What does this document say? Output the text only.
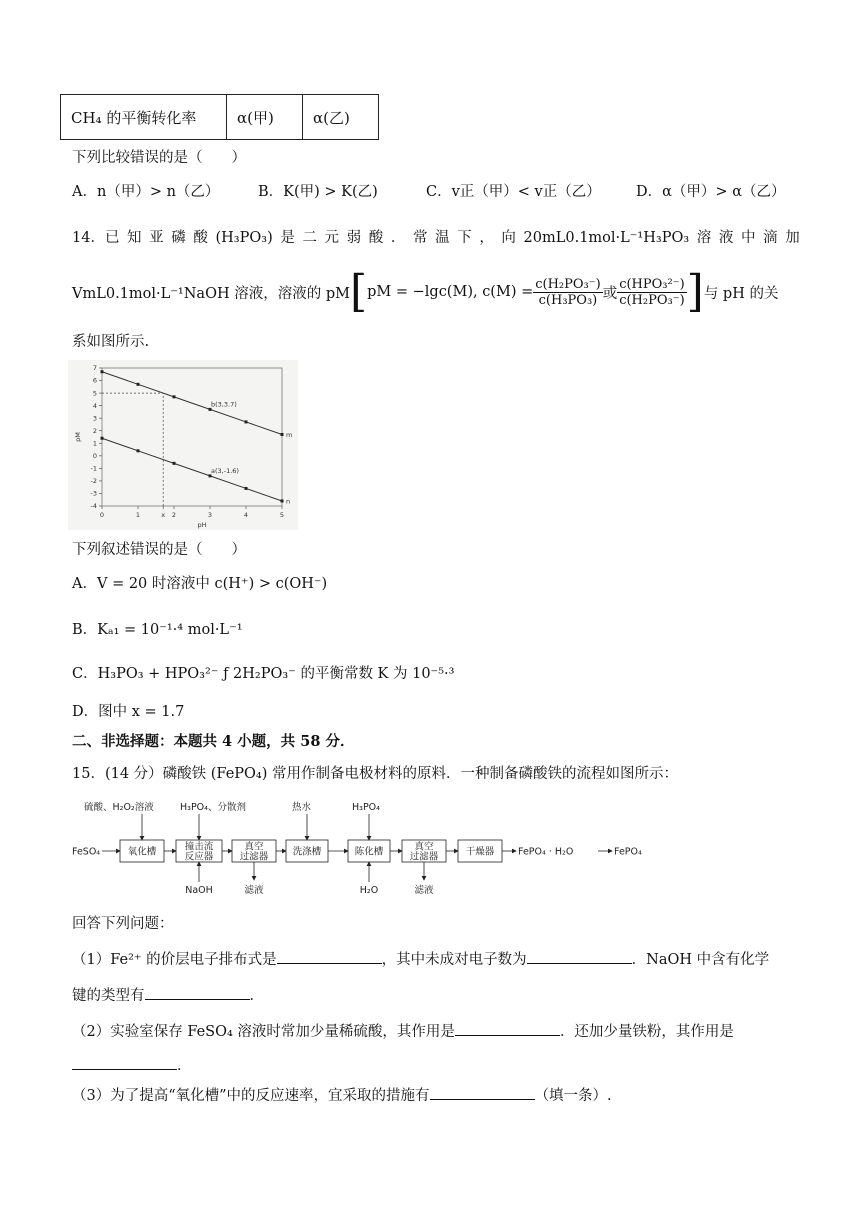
CH₄ 的平衡转化率	α(甲)	α(乙)
下列比较错误的是（　　）
A．n（甲）> n（乙）	B．K(甲) > K(乙)	C．v正（甲）< v正（乙） D．α（甲）> α（乙）
14．已 知 亚 磷 酸 (H₃PO₃) 是 二 元 弱 酸 ． 常 温 下 ， 向 20mL0.1mol·L⁻¹H₃PO₃ 溶 液 中 滴 加
VmL0.1mol·L⁻¹NaOH 溶液，溶液的 pM [ pM = −lgc(M), $c(M) = \frac{\text{c(H₂PO₃⁻)}}{\text{c(H₃PO₃)}}$ 或 $\frac{\text{c(HPO₃²⁻)}}{\text{c(H₂PO₃⁻)}}$ ] 与 pH 的关
系如图所示.
0	1	x 2	3	4	5
-4
-3
-2
-1
0
1
2
3
4
5
6
7
pH
pM	m
n
b(3,3.7)
a(3,-1.6)
下列叙述错误的是（　　）
A．V = 20 时溶液中 c(H⁺) > c(OH⁻)
B．Kₐ₁ = 10⁻¹·⁴ mol·L⁻¹
C．H₃PO₃ + HPO₃²⁻ ƒ 2H₂PO₃⁻ 的平衡常数 K 为 10⁻⁵·³
D．图中 x = 1.7
二、非选择题：本题共 4 小题，共 58 分．
15．(14 分）磷酸铁 (FePO₄) 常用作制备电极材料的原料．一种制备磷酸铁的流程如图所示：
FeSO₄	氧化槽	撞击流
反应器
真空
过滤器	洗涤槽	陈化槽	真空
过滤器	干燥器
硫酸、H₂O₂溶液	H₃PO₄、分散剂	热水	H₃PO₄
NaOH	滤液	H₂O	滤液
FePO₄ · H₂O	FePO₄
回答下列问题：
（1）Fe²⁺ 的价层电子排布式是	，其中未成对电子数为	．NaOH 中含有化学
键的类型有	．
（2）实验室保存 FeSO₄ 溶液时常加少量稀硫酸，其作用是	．还加少量铁粉，其作用是
．
（3）为了提高“氧化槽”中的反应速率，宜采取的措施有	（填一条）.
